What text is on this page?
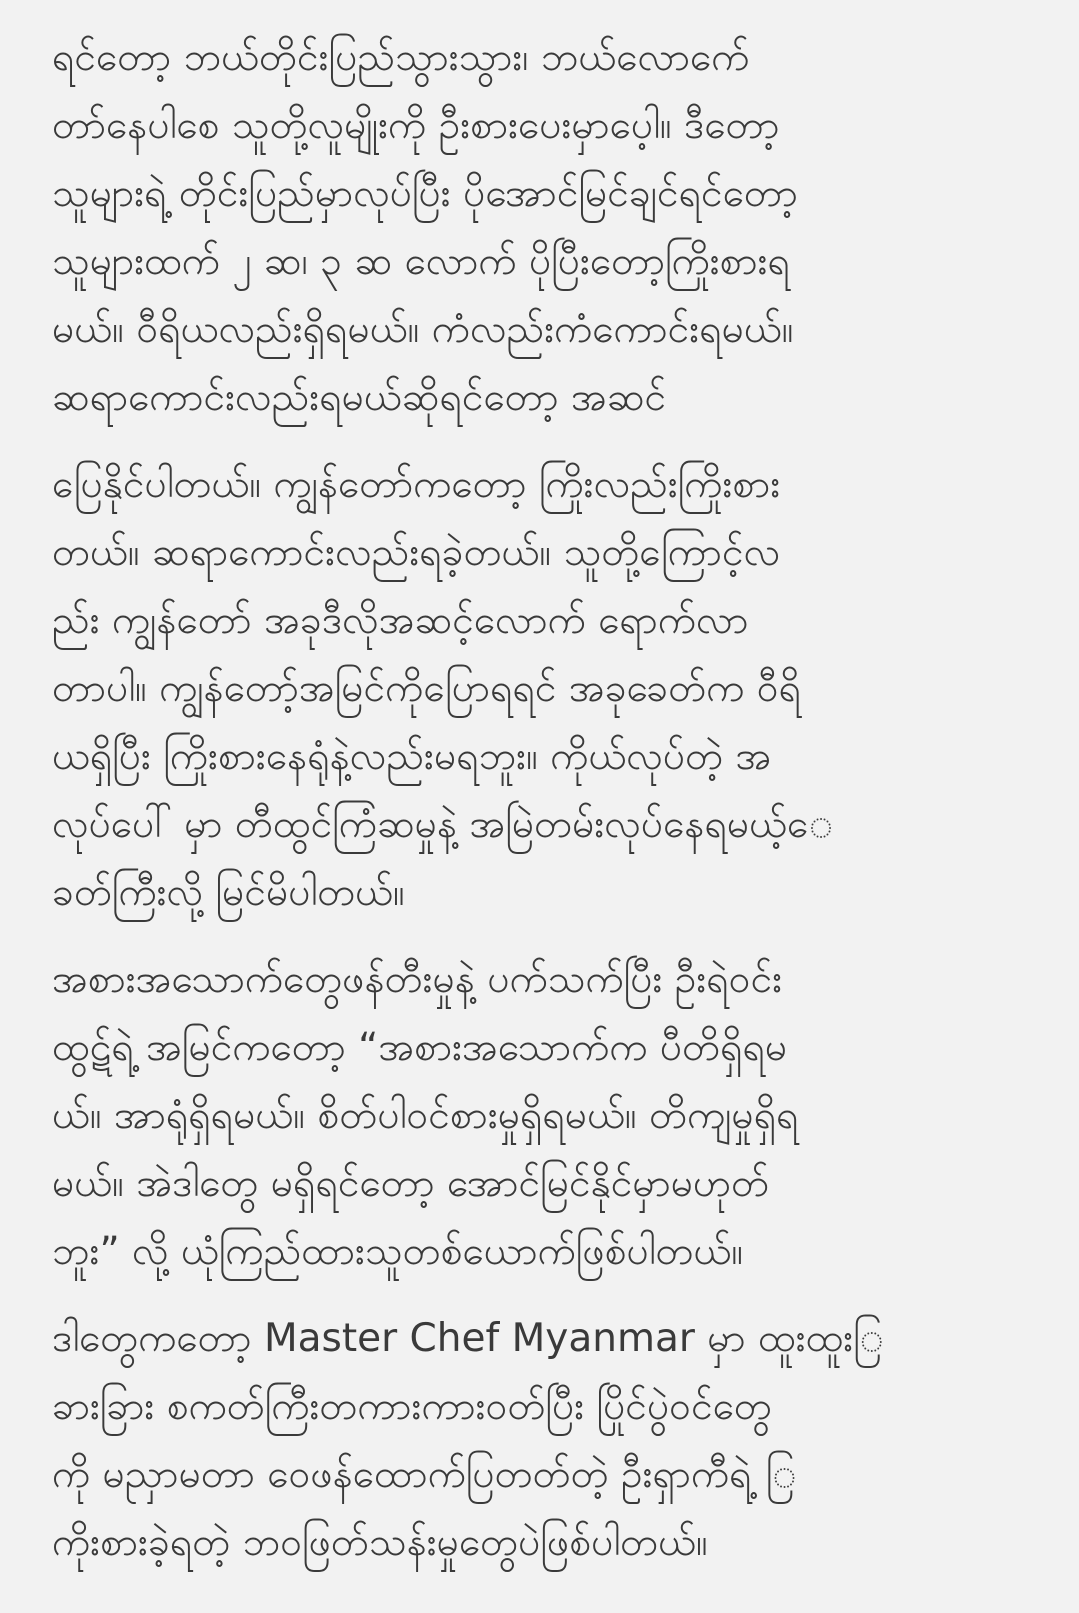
ရင်တော့ ဘယ်တိုင်းပြည်သွားသွား၊ ဘယ်လောက်ေ
တာ်နေပါစေ သူတို့လူမျိုးကို ဦးစားပေးမှာပေ့ါ။ ဒီတော့
သူများရဲ့ တိုင်းပြည်မှာလုပ်ပြီး ပိုအောင်မြင်ချင်ရင်တော့
သူများထက် ၂ ဆ၊ ၃ ဆ လောက် ပိုပြီးတော့ကြိုးစားရ
မယ်။ ဝီရိယလည်းရှိရမယ်။ ကံလည်းကံကောင်းရမယ်။
ဆရာကောင်းလည်းရမယ်ဆိုရင်တော့ အဆင်
ပြေနိုင်ပါတယ်။ ကျွန်တော်ကတော့ ကြိုးလည်းကြိုးစား
တယ်။ ဆရာကောင်းလည်းရခဲ့တယ်။ သူတို့ကြောင့်လ
ည်း ကျွန်တော် အခုဒီလိုအဆင့်လောက် ရောက်လာ
တာပါ။ ကျွန်တော့်အမြင်ကိုပြောရရင် အခုခေတ်က ဝီရိ
ယရှိပြီး ကြိုးစားနေရုံနဲ့လည်းမရဘူး။ ကိုယ်လုပ်တဲ့ အ
လုပ်ပေါ် မှာ တီထွင်ကြံဆမှုနဲ့ အမြဲတမ်းလုပ်နေရမယ့်ေ
ခတ်ကြီးလို့ မြင်မိပါတယ်။
အစားအသောက်တွေဖန်တီးမှုနဲ့ ပက်သက်ပြီး ဦးရဲဝင်း
ထွဋ်ရဲ့ အမြင်ကတော့ “အစားအသောက်က ပီတိရှိရမ
ယ်။ အာရုံရှိရမယ်။ စိတ်ပါဝင်စားမှုရှိရမယ်။ တိကျမှုရှိရ
မယ်။ အဲဒါတွေ မရှိရင်တော့ အောင်မြင်နိုင်မှာမဟုတ်
ဘူး” လို့ ယုံကြည်ထားသူတစ်ယောက်ဖြစ်ပါတယ်။
ဒါတွေကတော့ Master Chef Myanmar မှာ ထူးထူးြ
ခားခြား စကတ်ကြီးတကားကားဝတ်ပြီး ပြိုင်ပွဲဝင်တွေ
ကို မညှာမတာ ဝေဖန်ထောက်ပြတတ်တဲ့ ဦးရှာကီရဲ့ ြ
ကိုးစားခဲ့ရတဲ့ ဘဝဖြတ်သန်းမှုတွေပဲဖြစ်ပါတယ်။
